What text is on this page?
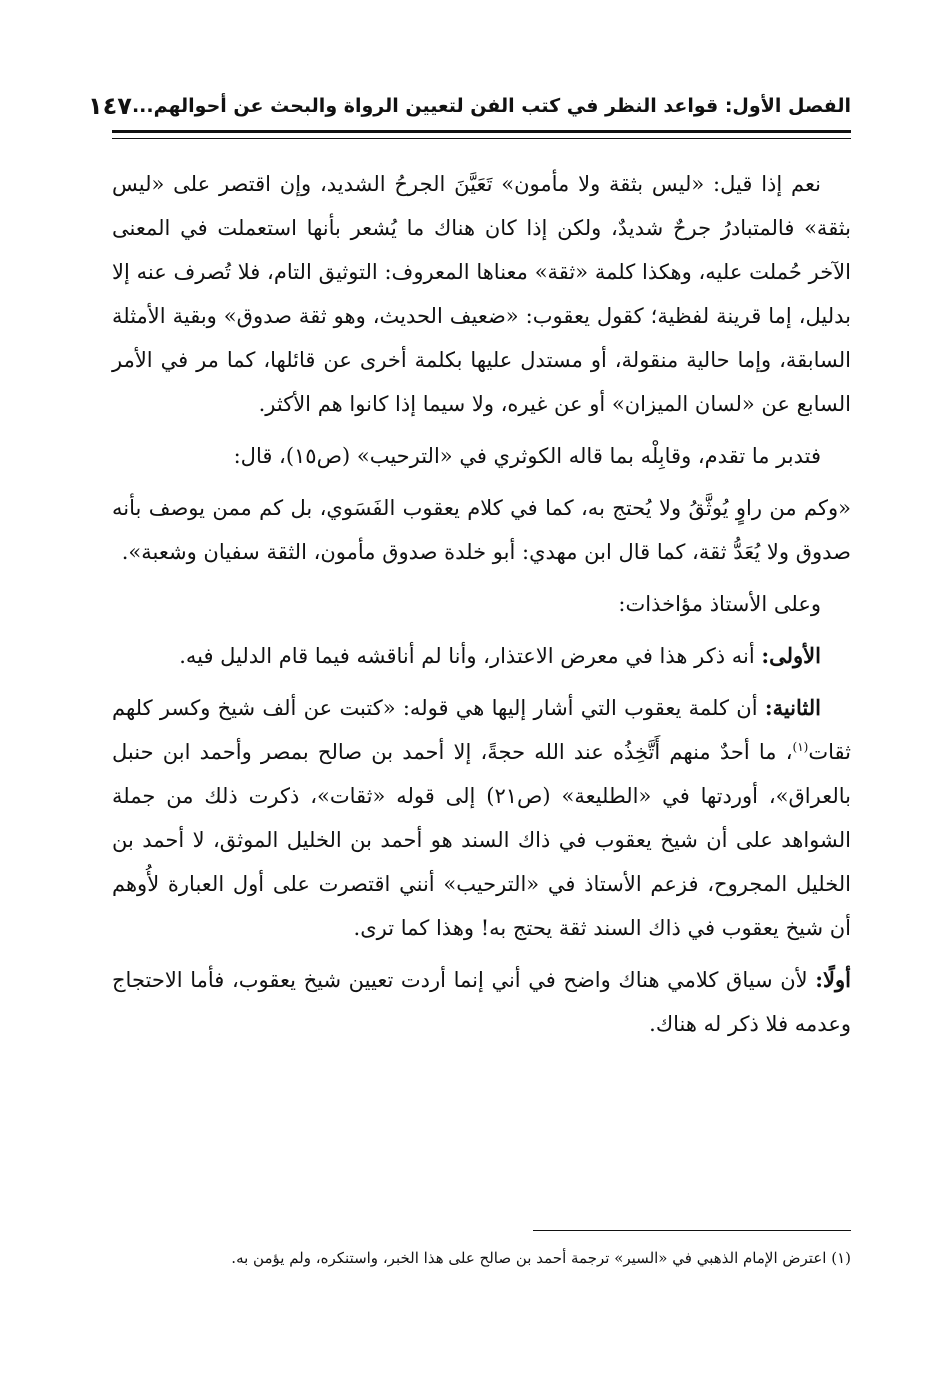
الفصل الأول: قواعد النظر في كتب الفن لتعيين الرواة والبحث عن أحوالهم...
١٤٧

نعم إذا قيل: «ليس بثقة ولا مأمون» تَعَيَّنَ الجرحُ الشديد، وإن اقتصر على «ليس بثقة» فالمتبادرُ جرحٌ شديدٌ، ولكن إذا كان هناك ما يُشعر بأنها استعملت في المعنى الآخر حُملت عليه، وهكذا كلمة «ثقة» معناها المعروف: التوثيق التام، فلا تُصرف عنه إلا بدليل، إما قرينة لفظية؛ كقول يعقوب: «ضعيف الحديث، وهو ثقة صدوق» وبقية الأمثلة السابقة، وإما حالية منقولة، أو مستدل عليها بكلمة أخرى عن قائلها، كما مر في الأمر السابع عن «لسان الميزان» أو عن غيره، ولا سيما إذا كانوا هم الأكثر.

فتدبر ما تقدم، وقابِلْه بما قاله الكوثري في «الترحيب» (ص١٥)، قال:

«وكم من راوٍ يُوثَّقُ ولا يُحتج به، كما في كلام يعقوب الفَسَوي، بل كم ممن يوصف بأنه صدوق ولا يُعَدُّ ثقة، كما قال ابن مهدي: أبو خلدة صدوق مأمون، الثقة سفيان وشعبة».

وعلى الأستاذ مؤاخذات:

الأولى: أنه ذكر هذا في معرض الاعتذار، وأنا لم أناقشه فيما قام الدليل فيه.

الثانية: أن كلمة يعقوب التي أشار إليها هي قوله: «كتبت عن ألف شيخ وكسر كلهم ثقات$^{(١)}$، ما أحدٌ منهم أَتَّخِذُه عند الله حجةً، إلا أحمد بن صالح بمصر وأحمد ابن حنبل بالعراق»، أوردتها في «الطليعة» (ص٢١) إلى قوله «ثقات»، ذكرت ذلك من جملة الشواهد على أن شيخ يعقوب في ذاك السند هو أحمد بن الخليل الموثق، لا أحمد بن الخليل المجروح، فزعم الأستاذ في «الترحيب» أنني اقتصرت على أول العبارة لأُوهم أن شيخ يعقوب في ذاك السند ثقة يحتج به! وهذا كما ترى.

أولًا: لأن سياق كلامي هناك واضح في أني إنما أردت تعيين شيخ يعقوب، فأما الاحتجاج وعدمه فلا ذكر له هناك.

(١) اعترض الإمام الذهبي في «السير» ترجمة أحمد بن صالح على هذا الخبر، واستنكره، ولم يؤمن به.
